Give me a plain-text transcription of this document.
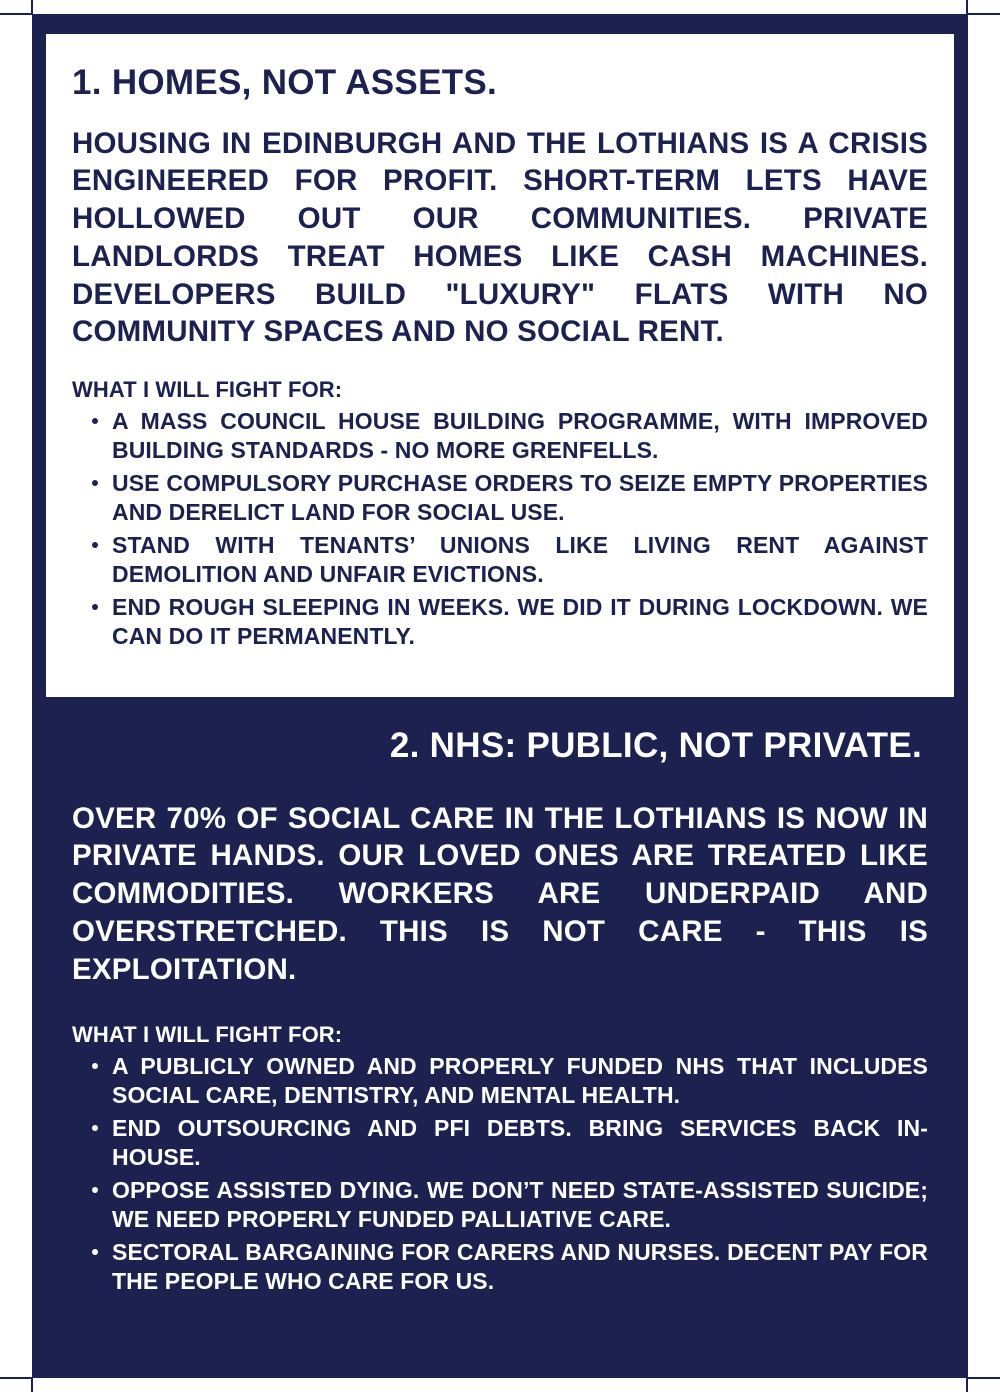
1. HOMES, NOT ASSETS.

HOUSING IN EDINBURGH AND THE LOTHIANS IS A CRISIS ENGINEERED FOR PROFIT. SHORT-TERM LETS HAVE HOLLOWED OUT OUR COMMUNITIES. PRIVATE LANDLORDS TREAT HOMES LIKE CASH MACHINES. DEVELOPERS BUILD "LUXURY" FLATS WITH NO COMMUNITY SPACES AND NO SOCIAL RENT.

WHAT I WILL FIGHT FOR:

A MASS COUNCIL HOUSE BUILDING PROGRAMME, WITH IMPROVED BUILDING STANDARDS - NO MORE GRENFELLS.
USE COMPULSORY PURCHASE ORDERS TO SEIZE EMPTY PROPERTIES AND DERELICT LAND FOR SOCIAL USE.
STAND WITH TENANTS’ UNIONS LIKE LIVING RENT AGAINST DEMOLITION AND UNFAIR EVICTIONS.
END ROUGH SLEEPING IN WEEKS. WE DID IT DURING LOCKDOWN. WE CAN DO IT PERMANENTLY.
2. NHS: PUBLIC, NOT PRIVATE.

OVER 70% OF SOCIAL CARE IN THE LOTHIANS IS NOW IN PRIVATE HANDS. OUR LOVED ONES ARE TREATED LIKE COMMODITIES. WORKERS ARE UNDERPAID AND OVERSTRETCHED. THIS IS NOT CARE - THIS IS EXPLOITATION.

WHAT I WILL FIGHT FOR:

A PUBLICLY OWNED AND PROPERLY FUNDED NHS THAT INCLUDES SOCIAL CARE, DENTISTRY, AND MENTAL HEALTH.
END OUTSOURCING AND PFI DEBTS. BRING SERVICES BACK IN-HOUSE.
OPPOSE ASSISTED DYING. WE DON’T NEED STATE-ASSISTED SUICIDE; WE NEED PROPERLY FUNDED PALLIATIVE CARE.
SECTORAL BARGAINING FOR CARERS AND NURSES. DECENT PAY FOR THE PEOPLE WHO CARE FOR US.
